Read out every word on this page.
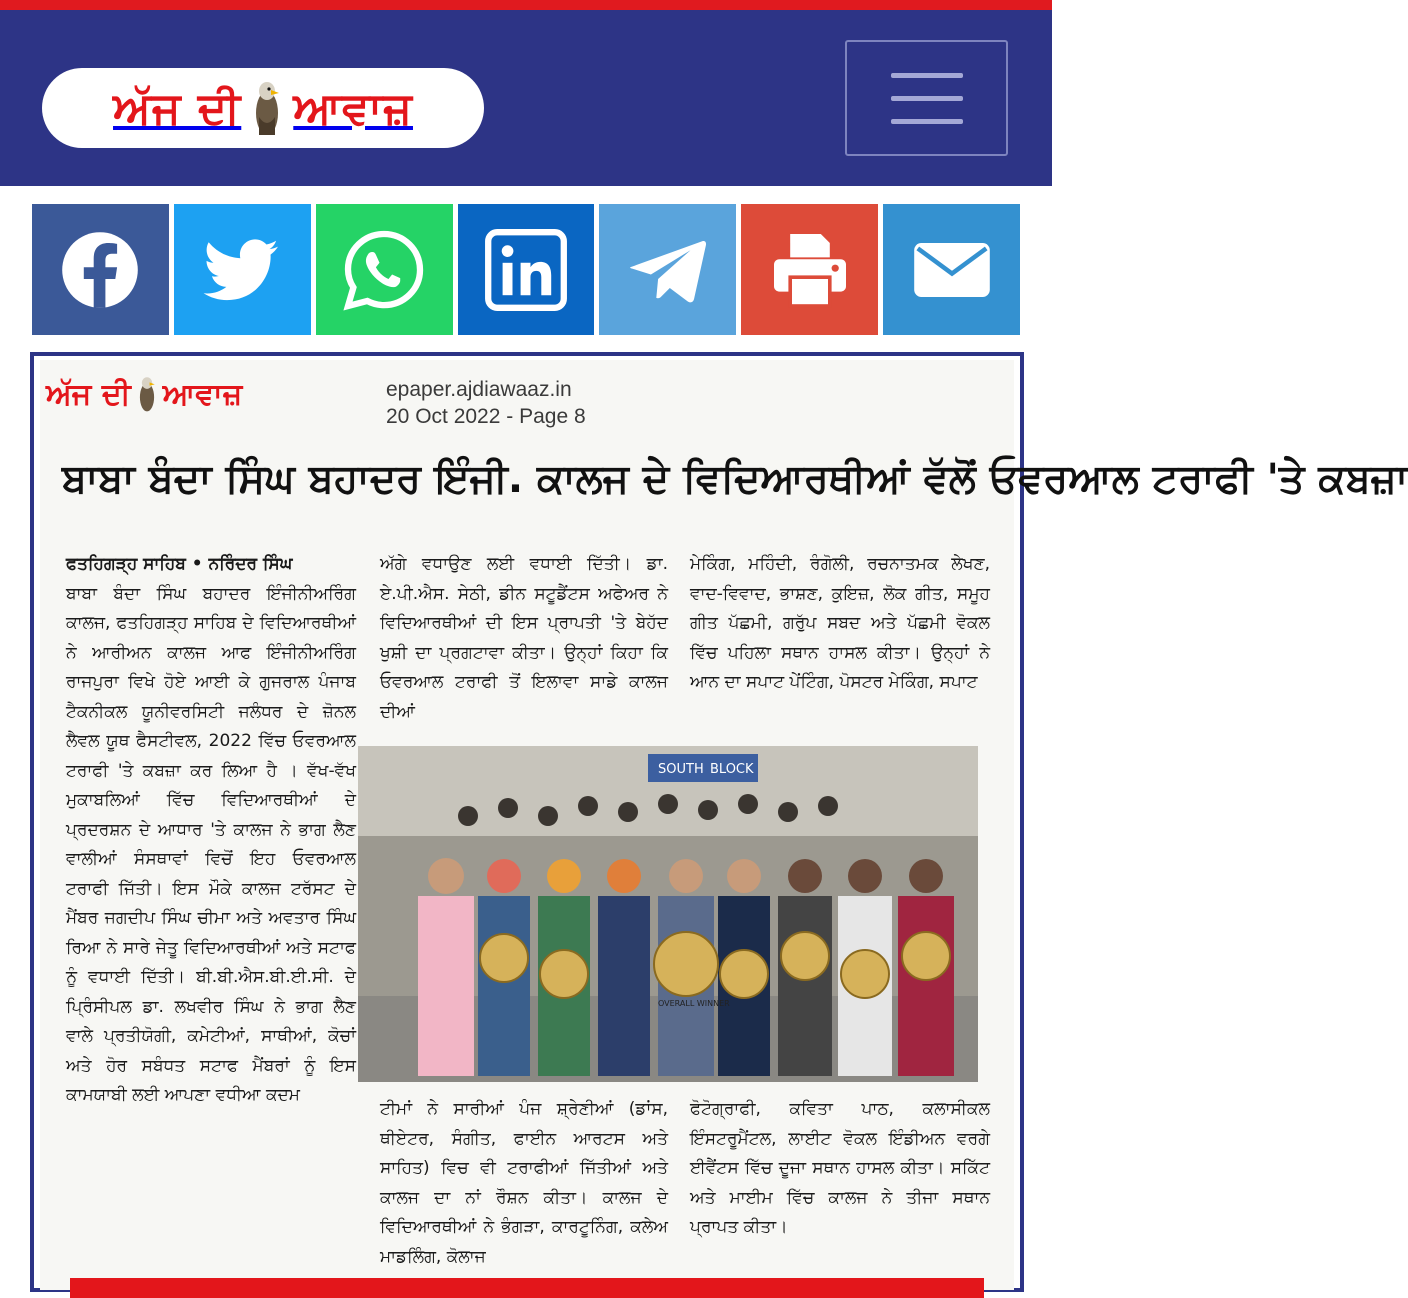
ਅੱਜ ਦੀ ਆਵਾਜ਼
ਅੱਜ ਦੀ ਆਵਾਜ਼	epaper.ajdiawaaz.in
20 Oct 2022 - Page 8
ਬਾਬਾ ਬੰਦਾ ਸਿੰਘ ਬਹਾਦਰ ਇੰਜੀ. ਕਾਲਜ ਦੇ ਵਿਦਿਆਰਥੀਆਂ ਵੱਲੋਂ ਓਵਰਆਲ ਟਰਾਫੀ 'ਤੇ ਕਬਜ਼ਾ
ਫਤਹਿਗੜ੍ਹ ਸਾਹਿਬ • ਨਰਿੰਦਰ ਸਿੰਘ
ਬਾਬਾ ਬੰਦਾ ਸਿੰਘ ਬਹਾਦਰ ਇੰਜੀਨੀਅਰਿੰਗ ਕਾਲਜ, ਫਤਹਿਗੜ੍ਹ ਸਾਹਿਬ ਦੇ ਵਿਦਿਆਰਥੀਆਂ ਨੇ ਆਰੀਅਨ ਕਾਲਜ ਆਫ ਇੰਜੀਨੀਅਰਿੰਗ ਰਾਜਪੁਰਾ ਵਿਖੇ ਹੋਏ ਆਈ ਕੇ ਗੁਜਰਾਲ ਪੰਜਾਬ ਟੈਕਨੀਕਲ ਯੂਨੀਵਰਸਿਟੀ ਜਲੰਧਰ ਦੇ ਜ਼ੋਨਲ ਲੈਵਲ ਯੂਥ ਫੈਸਟੀਵਲ, 2022 ਵਿੱਚ ਓਵਰਆਲ ਟਰਾਫੀ 'ਤੇ ਕਬਜ਼ਾ ਕਰ ਲਿਆ ਹੈ । ਵੱਖ-ਵੱਖ ਮੁਕਾਬਲਿਆਂ ਵਿੱਚ ਵਿਦਿਆਰਥੀਆਂ ਦੇ ਪ੍ਰਦਰਸ਼ਨ ਦੇ ਆਧਾਰ 'ਤੇ ਕਾਲਜ ਨੇ ਭਾਗ ਲੈਣ ਵਾਲੀਆਂ ਸੰਸਥਾਵਾਂ ਵਿਚੋਂ ਇਹ ਓਵਰਆਲ ਟਰਾਫੀ ਜਿੱਤੀ। ਇਸ ਮੌਕੇ ਕਾਲਜ ਟਰੱਸਟ ਦੇ ਮੈਂਬਰ ਜਗਦੀਪ ਸਿੰਘ ਚੀਮਾ ਅਤੇ ਅਵਤਾਰ ਸਿੰਘ ਰਿਆ ਨੇ ਸਾਰੇ ਜੇਤੂ ਵਿਦਿਆਰਥੀਆਂ ਅਤੇ ਸਟਾਫ ਨੂੰ ਵਧਾਈ ਦਿੱਤੀ। ਬੀ.ਬੀ.ਐਸ.ਬੀ.ਈ.ਸੀ. ਦੇ ਪ੍ਰਿੰਸੀਪਲ ਡਾ. ਲਖਵੀਰ ਸਿੰਘ ਨੇ ਭਾਗ ਲੈਣ ਵਾਲੇ ਪ੍ਰਤੀਯੋਗੀ, ਕਮੇਟੀਆਂ, ਸਾਥੀਆਂ, ਕੋਚਾਂ ਅਤੇ ਹੋਰ ਸਬੰਧਤ ਸਟਾਫ ਮੈਂਬਰਾਂ ਨੂੰ ਇਸ ਕਾਮਯਾਬੀ ਲਈ ਆਪਣਾ ਵਧੀਆ ਕਦਮ
ਅੱਗੇ ਵਧਾਉਣ ਲਈ ਵਧਾਈ ਦਿੱਤੀ। ਡਾ. ਏ.ਪੀ.ਐਸ. ਸੇਠੀ, ਡੀਨ ਸਟੂਡੈਂਟਸ ਅਫੇਅਰ ਨੇ ਵਿਦਿਆਰਥੀਆਂ ਦੀ ਇਸ ਪ੍ਰਾਪਤੀ 'ਤੇ ਬੇਹੱਦ ਖੁਸ਼ੀ ਦਾ ਪ੍ਰਗਟਾਵਾ ਕੀਤਾ। ਉਨ੍ਹਾਂ ਕਿਹਾ ਕਿ ਓਵਰਆਲ ਟਰਾਫੀ ਤੋਂ ਇਲਾਵਾ ਸਾਡੇ ਕਾਲਜ ਦੀਆਂ
ਮੇਕਿੰਗ, ਮਹਿੰਦੀ, ਰੰਗੋਲੀ, ਰਚਨਾਤਮਕ ਲੇਖਣ, ਵਾਦ-ਵਿਵਾਦ, ਭਾਸ਼ਣ, ਕੁਇਜ਼, ਲੋਕ ਗੀਤ, ਸਮੂਹ ਗੀਤ ਪੱਛਮੀ, ਗਰੁੱਪ ਸਬਦ ਅਤੇ ਪੱਛਮੀ ਵੋਕਲ ਵਿੱਚ ਪਹਿਲਾ ਸਥਾਨ ਹਾਸਲ ਕੀਤਾ। ਉਨ੍ਹਾਂ ਨੇ ਆਨ ਦਾ ਸਪਾਟ ਪੇਂਟਿੰਗ, ਪੋਸਟਰ ਮੇਕਿੰਗ, ਸਪਾਟ
SOUTH BLOCK
OVERALL WINNER
ਟੀਮਾਂ ਨੇ ਸਾਰੀਆਂ ਪੰਜ ਸ਼੍ਰੇਣੀਆਂ (ਡਾਂਸ, ਥੀਏਟਰ, ਸੰਗੀਤ, ਫਾਈਨ ਆਰਟਸ ਅਤੇ ਸਾਹਿਤ) ਵਿਚ ਵੀ ਟਰਾਫੀਆਂ ਜਿੱਤੀਆਂ ਅਤੇ ਕਾਲਜ ਦਾ ਨਾਂ ਰੌਸ਼ਨ ਕੀਤਾ। ਕਾਲਜ ਦੇ ਵਿਦਿਆਰਥੀਆਂ ਨੇ ਭੰਗੜਾ, ਕਾਰਟੂਨਿੰਗ, ਕਲੇਅ ਮਾਡਲਿੰਗ, ਕੋਲਾਜ
ਫੋਟੋਗ੍ਰਾਫੀ, ਕਵਿਤਾ ਪਾਠ, ਕਲਾਸੀਕਲ ਇੰਸਟਰੂਮੈਂਟਲ, ਲਾਈਟ ਵੋਕਲ ਇੰਡੀਅਨ ਵਰਗੇ ਈਵੈਂਟਸ ਵਿੱਚ ਦੂਜਾ ਸਥਾਨ ਹਾਸਲ ਕੀਤਾ। ਸਕਿੱਟ ਅਤੇ ਮਾਈਮ ਵਿੱਚ ਕਾਲਜ ਨੇ ਤੀਜਾ ਸਥਾਨ ਪ੍ਰਾਪਤ ਕੀਤਾ।
